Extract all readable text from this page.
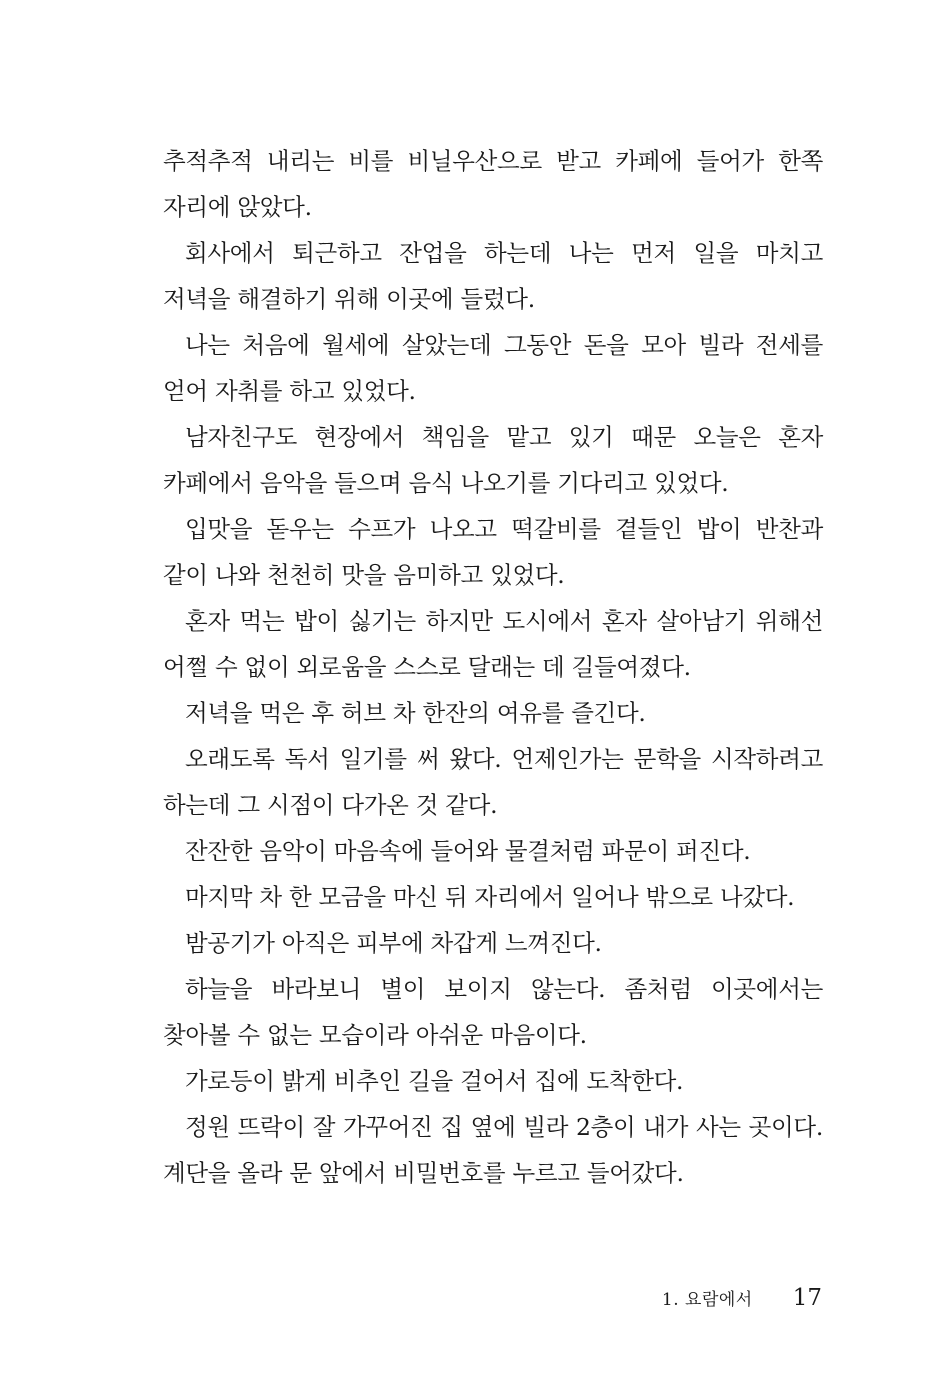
추적추적 내리는 비를 비닐우산으로 받고 카페에 들어가 한쪽 자리에 앉았다.

회사에서 퇴근하고 잔업을 하는데 나는 먼저 일을 마치고 저녁을 해결하기 위해 이곳에 들렀다.

나는 처음에 월세에 살았는데 그동안 돈을 모아 빌라 전세를 얻어 자취를 하고 있었다.

남자친구도 현장에서 책임을 맡고 있기 때문 오늘은 혼자 카페에서 음악을 들으며 음식 나오기를 기다리고 있었다.

입맛을 돋우는 수프가 나오고 떡갈비를 곁들인 밥이 반찬과 같이 나와 천천히 맛을 음미하고 있었다.

혼자 먹는 밥이 싫기는 하지만 도시에서 혼자 살아남기 위해선 어쩔 수 없이 외로움을 스스로 달래는 데 길들여졌다.

저녁을 먹은 후 허브 차 한잔의 여유를 즐긴다.

오래도록 독서 일기를 써 왔다. 언제인가는 문학을 시작하려고 하는데 그 시점이 다가온 것 같다.

잔잔한 음악이 마음속에 들어와 물결처럼 파문이 퍼진다.

마지막 차 한 모금을 마신 뒤 자리에서 일어나 밖으로 나갔다.

밤공기가 아직은 피부에 차갑게 느껴진다.

하늘을 바라보니 별이 보이지 않는다. 좀처럼 이곳에서는 찾아볼 수 없는 모습이라 아쉬운 마음이다.

가로등이 밝게 비추인 길을 걸어서 집에 도착한다.

정원 뜨락이 잘 가꾸어진 집 옆에 빌라 2층이 내가 사는 곳이다. 계단을 올라 문 앞에서 비밀번호를 누르고 들어갔다.

1. 요람에서 17
